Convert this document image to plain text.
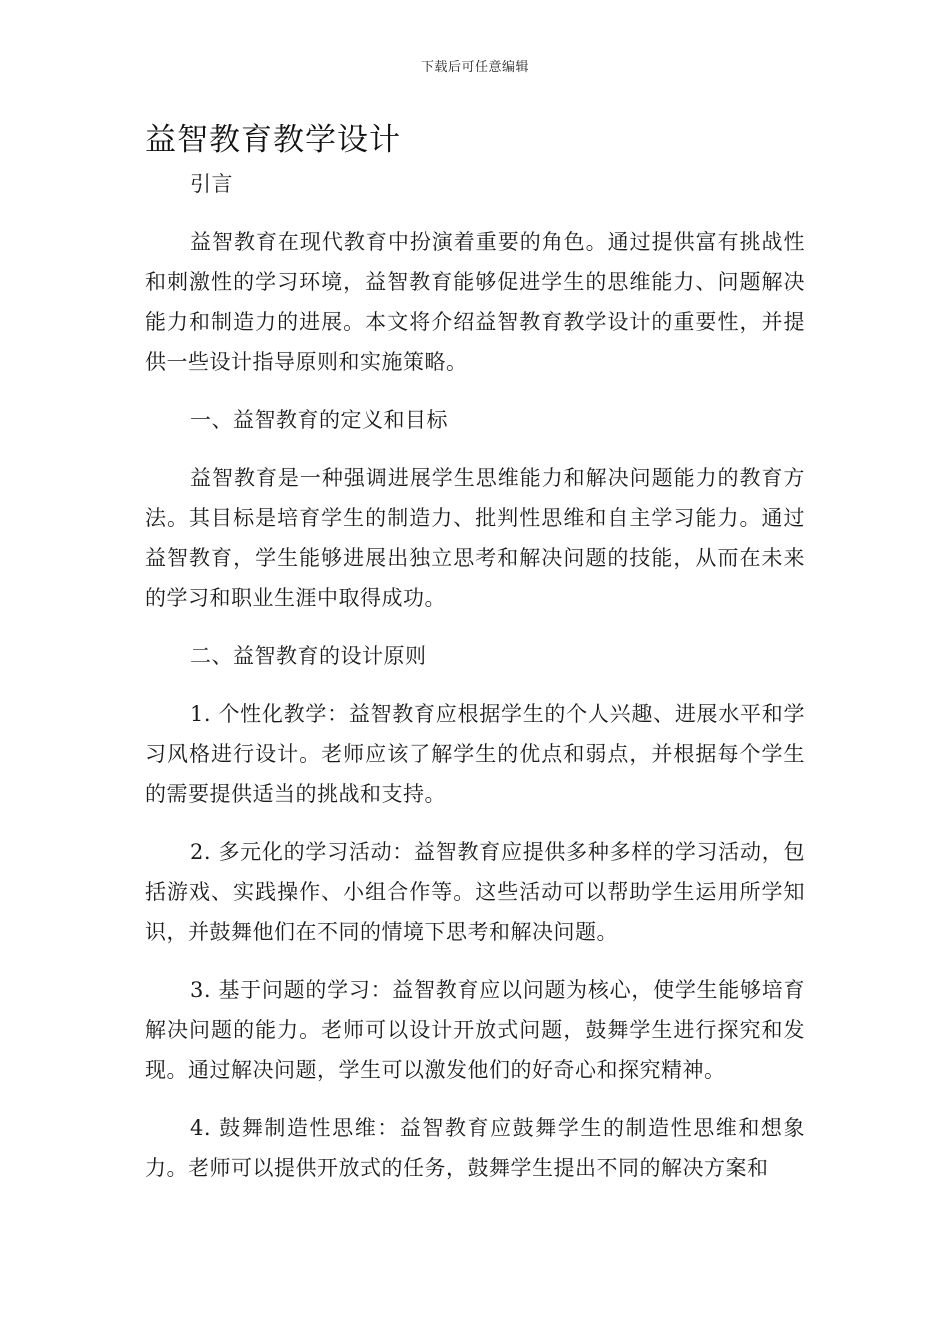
下载后可任意编辑
益智教育教学设计

引言

益智教育在现代教育中扮演着重要的角色。通过提供富有挑战性和刺激性的学习环境，益智教育能够促进学生的思维能力、问题解决能力和制造力的进展。本文将介绍益智教育教学设计的重要性，并提供一些设计指导原则和实施策略。

一、益智教育的定义和目标

益智教育是一种强调进展学生思维能力和解决问题能力的教育方法。其目标是培育学生的制造力、批判性思维和自主学习能力。通过益智教育，学生能够进展出独立思考和解决问题的技能，从而在未来的学习和职业生涯中取得成功。

二、益智教育的设计原则

1. 个性化教学：益智教育应根据学生的个人兴趣、进展水平和学习风格进行设计。老师应该了解学生的优点和弱点，并根据每个学生的需要提供适当的挑战和支持。

2. 多元化的学习活动：益智教育应提供多种多样的学习活动，包括游戏、实践操作、小组合作等。这些活动可以帮助学生运用所学知识，并鼓舞他们在不同的情境下思考和解决问题。

3. 基于问题的学习：益智教育应以问题为核心，使学生能够培育解决问题的能力。老师可以设计开放式问题，鼓舞学生进行探究和发现。通过解决问题，学生可以激发他们的好奇心和探究精神。

4. 鼓舞制造性思维：益智教育应鼓舞学生的制造性思维和想象力。老师可以提供开放式的任务，鼓舞学生提出不同的解决方案和
